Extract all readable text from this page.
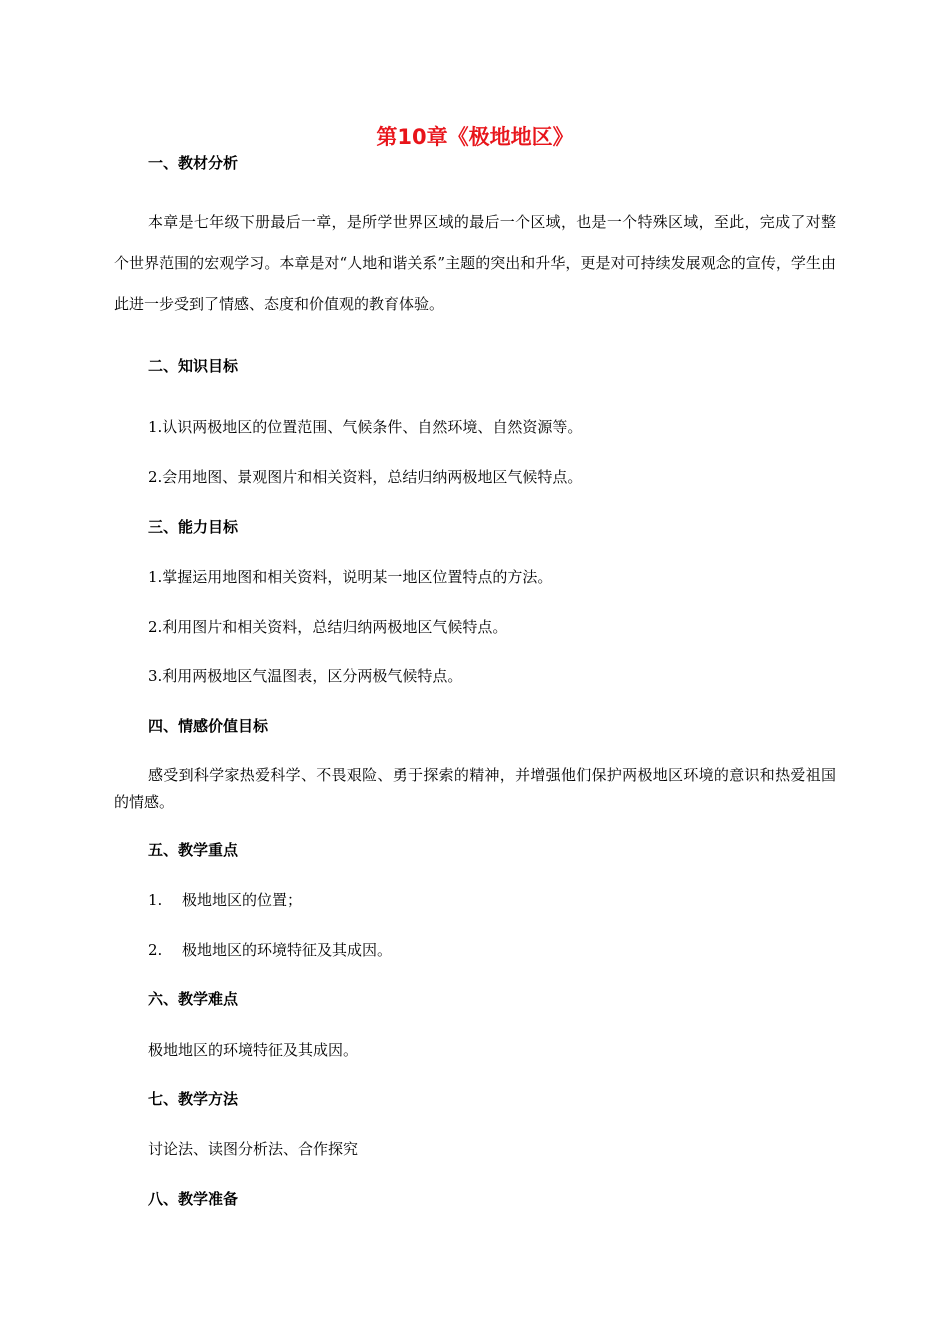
第10章《极地地区》
一、教材分析
本章是七年级下册最后一章，是所学世界区域的最后一个区域，也是一个特殊区域，至此，完成了对整个世界范围的宏观学习。本章是对“人地和谐关系”主题的突出和升华，更是对可持续发展观念的宣传，学生由此进一步受到了情感、态度和价值观的教育体验。
二、知识目标
1.认识两极地区的位置范围、气候条件、自然环境、自然资源等。
2.会用地图、景观图片和相关资料，总结归纳两极地区气候特点。
三、能力目标
1.掌握运用地图和相关资料，说明某一地区位置特点的方法。
2.利用图片和相关资料，总结归纳两极地区气候特点。
3.利用两极地区气温图表，区分两极气候特点。
四、情感价值目标
感受到科学家热爱科学、不畏艰险、勇于探索的精神，并增强他们保护两极地区环境的意识和热爱祖国的情感。
五、教学重点
1. 极地地区的位置；
2. 极地地区的环境特征及其成因。
六、教学难点
极地地区的环境特征及其成因。
七、教学方法
讨论法、读图分析法、合作探究
八、教学准备
